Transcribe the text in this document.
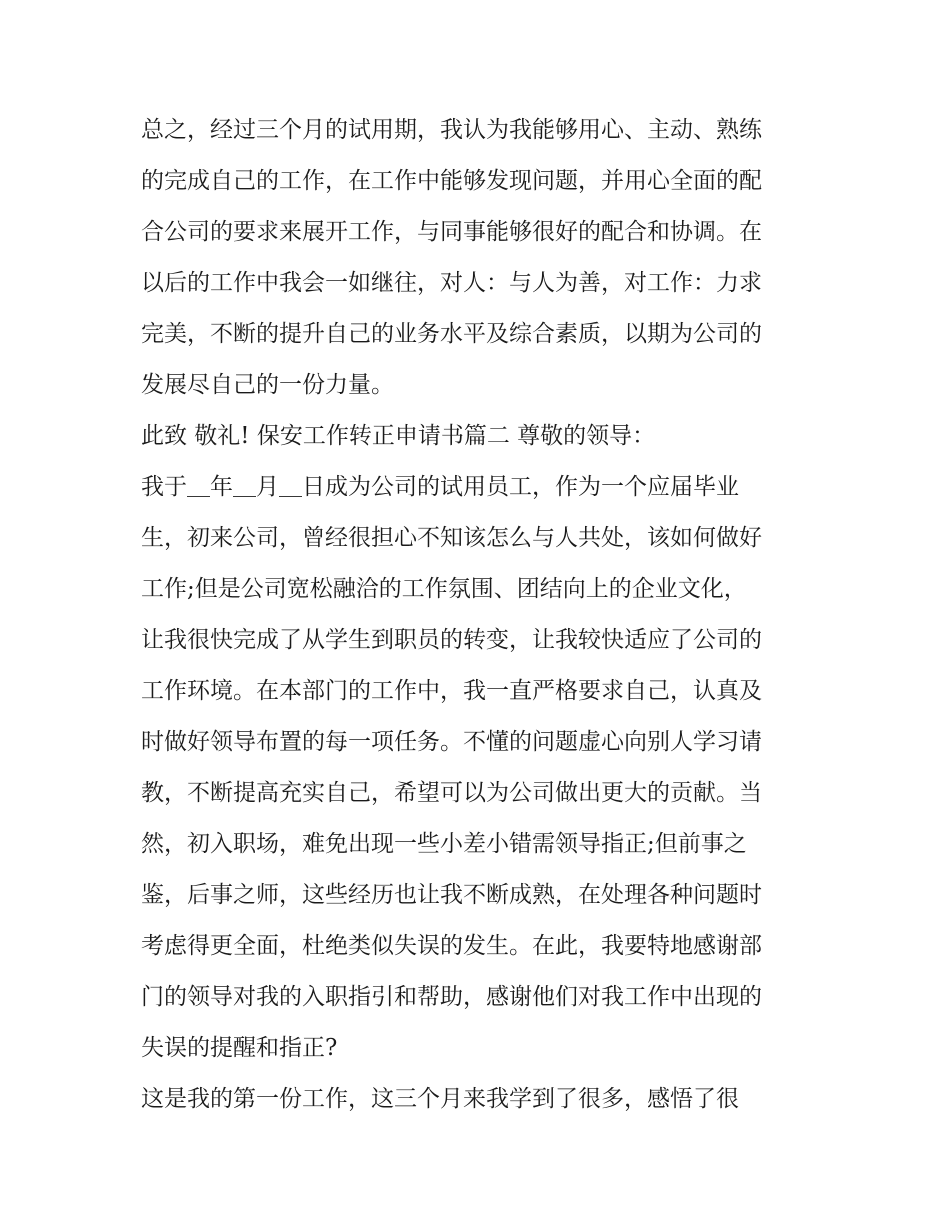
总之，经过三个月的试用期，我认为我能够用心、主动、熟练
的完成自己的工作，在工作中能够发现问题，并用心全面的配
合公司的要求来展开工作，与同事能够很好的配合和协调。在
以后的工作中我会一如继往，对人：与人为善，对工作：力求
完美，不断的提升自己的业务水平及综合素质，以期为公司的
发展尽自己的一份力量。
此致 敬礼! 保安工作转正申请书篇二 尊敬的领导：
我于＿年＿月＿日成为公司的试用员工，作为一个应届毕业
生，初来公司，曾经很担心不知该怎么与人共处，该如何做好
工作;但是公司宽松融洽的工作氛围、团结向上的企业文化，
让我很快完成了从学生到职员的转变，让我较快适应了公司的
工作环境。在本部门的工作中，我一直严格要求自己，认真及
时做好领导布置的每一项任务。不懂的问题虚心向别人学习请
教，不断提高充实自己，希望可以为公司做出更大的贡献。当
然，初入职场，难免出现一些小差小错需领导指正;但前事之
鉴，后事之师，这些经历也让我不断成熟，在处理各种问题时
考虑得更全面，杜绝类似失误的发生。在此，我要特地感谢部
门的领导对我的入职指引和帮助，感谢他们对我工作中出现的
失误的提醒和指正?
这是我的第一份工作，这三个月来我学到了很多，感悟了很
